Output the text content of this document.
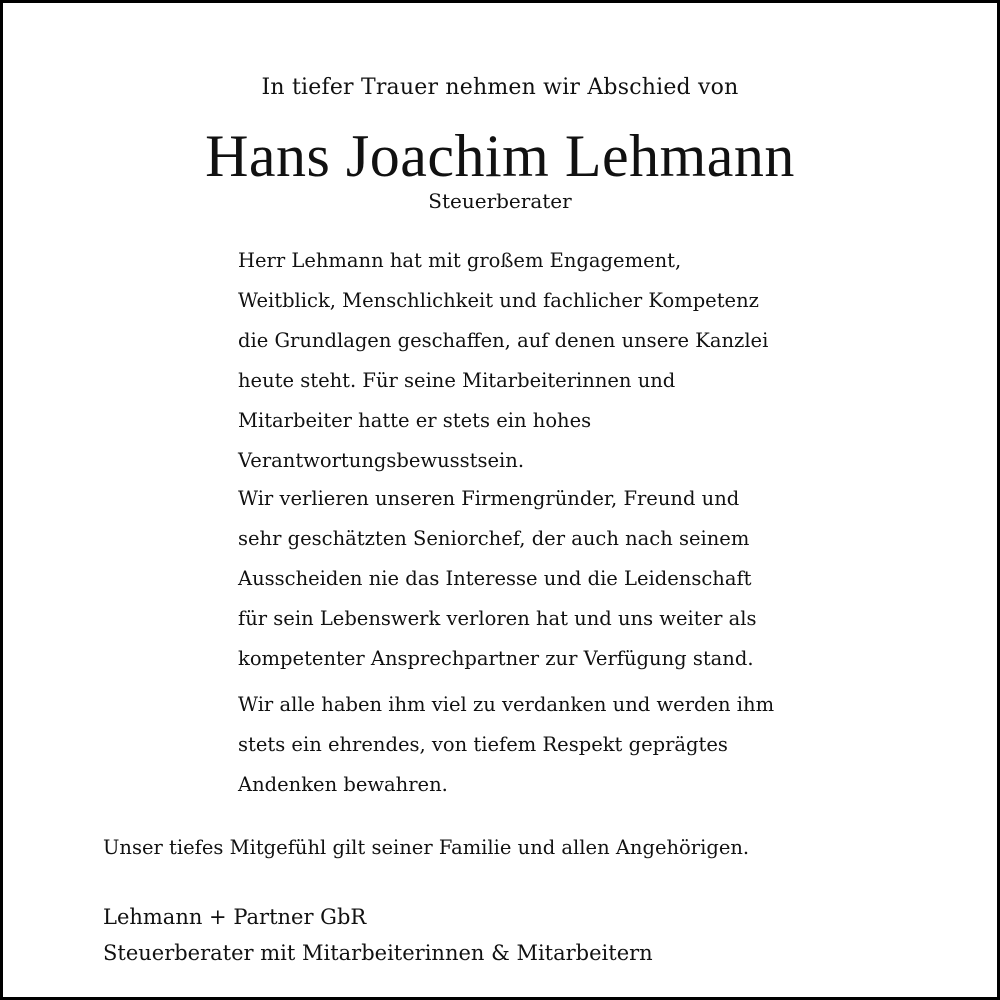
In tiefer Trauer nehmen wir Abschied von
Hans Joachim Lehmann
Steuerberater

Herr Lehmann hat mit großem Engagement,
Weitblick, Menschlichkeit und fachlicher Kompetenz
die Grundlagen geschaffen, auf denen unsere Kanzlei
heute steht. Für seine Mitarbeiterinnen und
Mitarbeiter hatte er stets ein hohes
Verantwortungsbewusstsein.

Wir verlieren unseren Firmengründer, Freund und
sehr geschätzten Seniorchef, der auch nach seinem
Ausscheiden nie das Interesse und die Leidenschaft
für sein Lebenswerk verloren hat und uns weiter als
kompetenter Ansprechpartner zur Verfügung stand.

Wir alle haben ihm viel zu verdanken und werden ihm
stets ein ehrendes, von tiefem Respekt geprägtes
Andenken bewahren.

Unser tiefes Mitgefühl gilt seiner Familie und allen Angehörigen.
Lehmann + Partner GbR
Steuerberater mit Mitarbeiterinnen & Mitarbeitern
